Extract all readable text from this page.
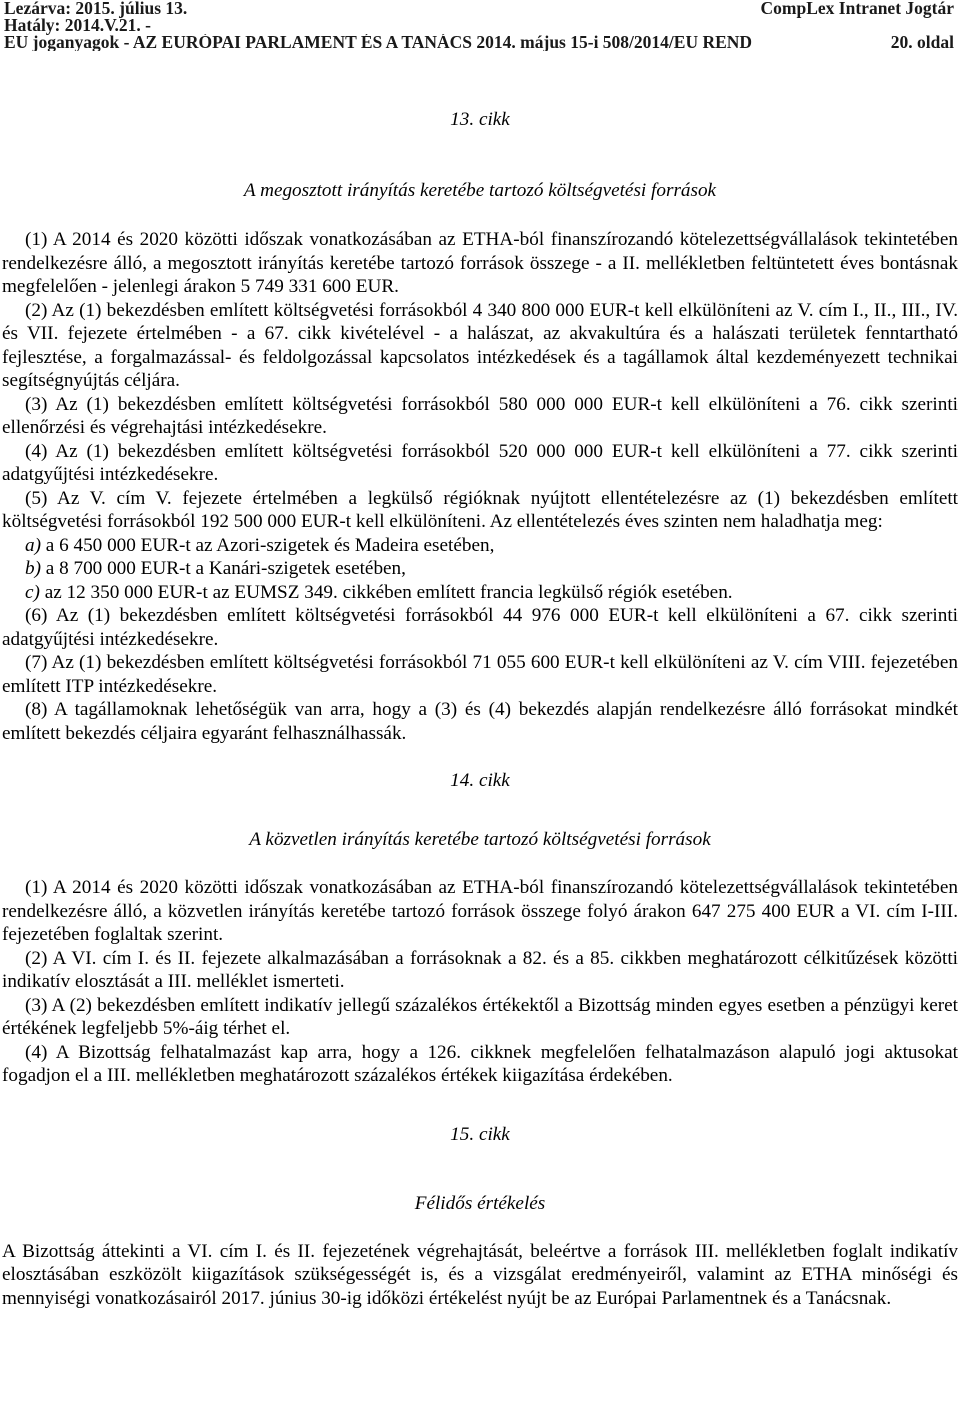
Lezárva: 2015. július 13.	CompLex Intranet Jogtár
Hatály: 2014.V.21. -
EU joganyagok - AZ EURÓPAI PARLAMENT ÉS A TANÁCS 2014. május 15-i 508/2014/EU REND	20. oldal

13. cikk

A megosztott irányítás keretébe tartozó költségvetési források

(1) A 2014 és 2020 közötti időszak vonatkozásában az ETHA-ból finanszírozandó kötelezettségvállalások tekintetében rendelkezésre álló, a megosztott irányítás keretébe tartozó források összege - a II. mellékletben feltüntetett éves bontásnak megfelelően - jelenlegi árakon 5 749 331 600 EUR.

(2) Az (1) bekezdésben említett költségvetési forrásokból 4 340 800 000 EUR-t kell elkülöníteni az V. cím I., II., III., IV. és VII. fejezete értelmében - a 67. cikk kivételével - a halászat, az akvakultúra és a halászati területek fenntartható fejlesztése, a forgalmazással- és feldolgozással kapcsolatos intézkedések és a tagállamok által kezdeményezett technikai segítségnyújtás céljára.

(3) Az (1) bekezdésben említett költségvetési forrásokból 580 000 000 EUR-t kell elkülöníteni a 76. cikk szerinti ellenőrzési és végrehajtási intézkedésekre.

(4) Az (1) bekezdésben említett költségvetési forrásokból 520 000 000 EUR-t kell elkülöníteni a 77. cikk szerinti adatgyűjtési intézkedésekre.

(5) Az V. cím V. fejezete értelmében a legkülső régióknak nyújtott ellentételezésre az (1) bekezdésben említett költségvetési forrásokból 192 500 000 EUR-t kell elkülöníteni. Az ellentételezés éves szinten nem haladhatja meg:

a) a 6 450 000 EUR-t az Azori-szigetek és Madeira esetében,

b) a 8 700 000 EUR-t a Kanári-szigetek esetében,

c) az 12 350 000 EUR-t az EUMSZ 349. cikkében említett francia legkülső régiók esetében.

(6) Az (1) bekezdésben említett költségvetési forrásokból 44 976 000 EUR-t kell elkülöníteni a 67. cikk szerinti adatgyűjtési intézkedésekre.

(7) Az (1) bekezdésben említett költségvetési forrásokból 71 055 600 EUR-t kell elkülöníteni az V. cím VIII. fejezetében említett ITP intézkedésekre.

(8) A tagállamoknak lehetőségük van arra, hogy a (3) és (4) bekezdés alapján rendelkezésre álló forrásokat mindkét említett bekezdés céljaira egyaránt felhasználhassák.

14. cikk

A közvetlen irányítás keretébe tartozó költségvetési források

(1) A 2014 és 2020 közötti időszak vonatkozásában az ETHA-ból finanszírozandó kötelezettségvállalások tekintetében rendelkezésre álló, a közvetlen irányítás keretébe tartozó források összege folyó árakon 647 275 400 EUR a VI. cím I-III. fejezetében foglaltak szerint.

(2) A VI. cím I. és II. fejezete alkalmazásában a forrásoknak a 82. és a 85. cikkben meghatározott célkitűzések közötti indikatív elosztását a III. melléklet ismerteti.

(3) A (2) bekezdésben említett indikatív jellegű százalékos értékektől a Bizottság minden egyes esetben a pénzügyi keret értékének legfeljebb 5%-áig térhet el.

(4) A Bizottság felhatalmazást kap arra, hogy a 126. cikknek megfelelően felhatalmazáson alapuló jogi aktusokat fogadjon el a III. mellékletben meghatározott százalékos értékek kiigazítása érdekében.

15. cikk

Félidős értékelés

A Bizottság áttekinti a VI. cím I. és II. fejezetének végrehajtását, beleértve a források III. mellékletben foglalt indikatív elosztásában eszközölt kiigazítások szükségességét is, és a vizsgálat eredményeiről, valamint az ETHA minőségi és mennyiségi vonatkozásairól 2017. június 30-ig időközi értékelést nyújt be az Európai Parlamentnek és a Tanácsnak.
